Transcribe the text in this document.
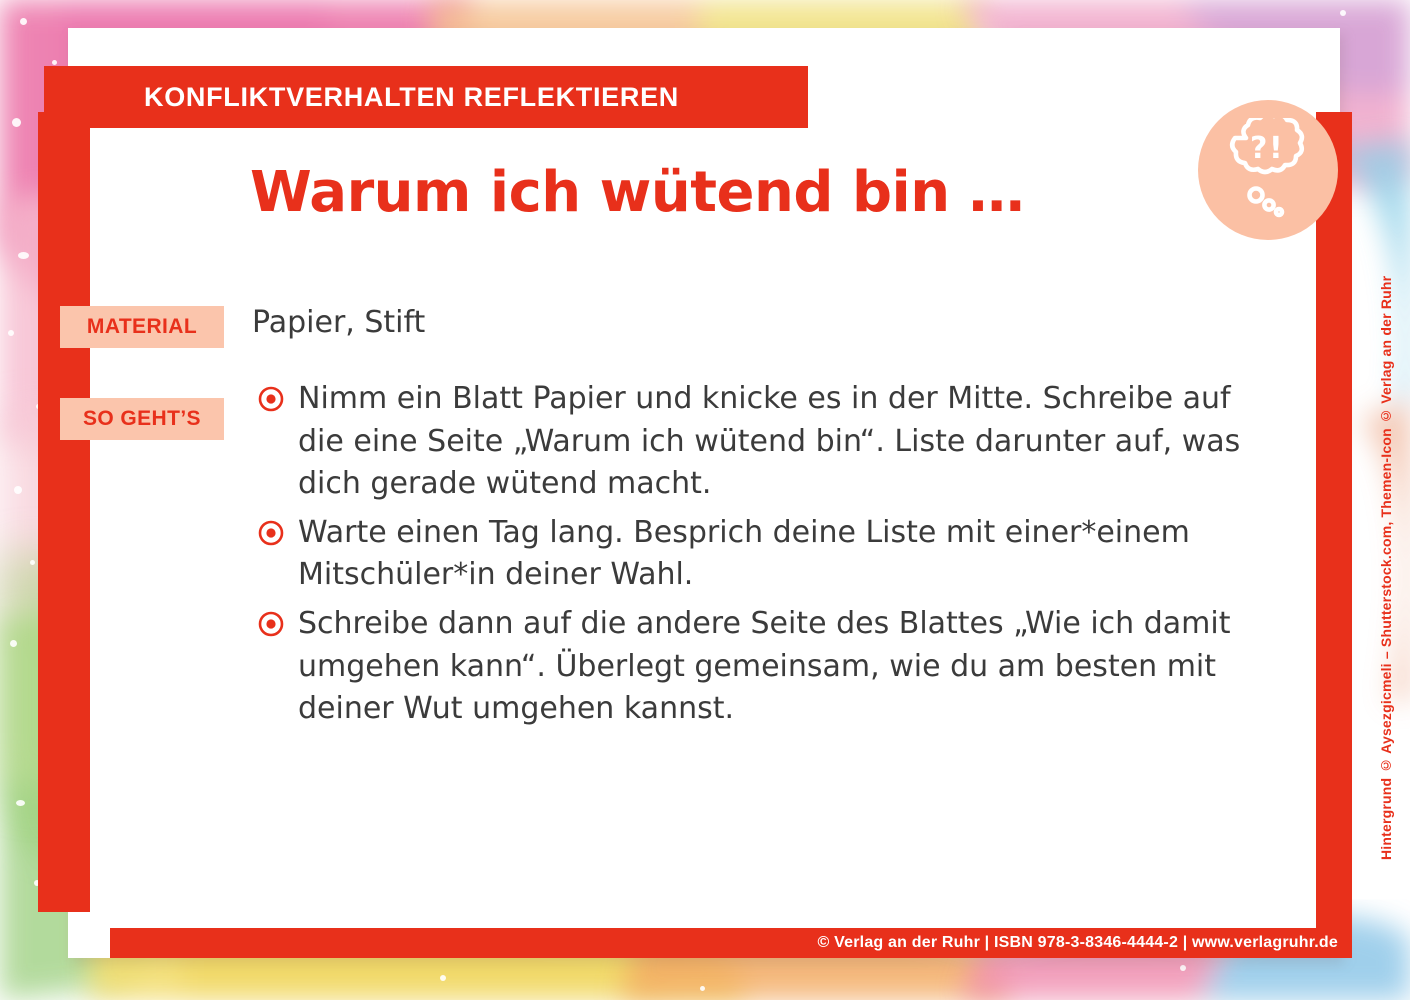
KONFLIKTVERHALTEN REFLEKTIEREN
Warum ich wütend bin …
? !
MATERIAL
SO GEHT’S
Papier, Stift
Nimm ein Blatt Papier und knicke es in der Mitte. Schreibe auf die eine Seite „Warum ich wütend bin“. Liste darunter auf, was dich gerade wütend macht.
Warte einen Tag lang. Besprich deine Liste mit einer*einem Mitschüler*in deiner Wahl.
Schreibe dann auf die andere Seite des Blattes „Wie ich damit umgehen kann“. Überlegt gemeinsam, wie du am besten mit deiner Wut umgehen kannst.
© Verlag an der Ruhr | ISBN 978-3-8346-4444-2 | www.verlagruhr.de
Hintergrund © Aysezgicmeli – Shutterstock.com, Themen-Icon © Verlag an der Ruhr
